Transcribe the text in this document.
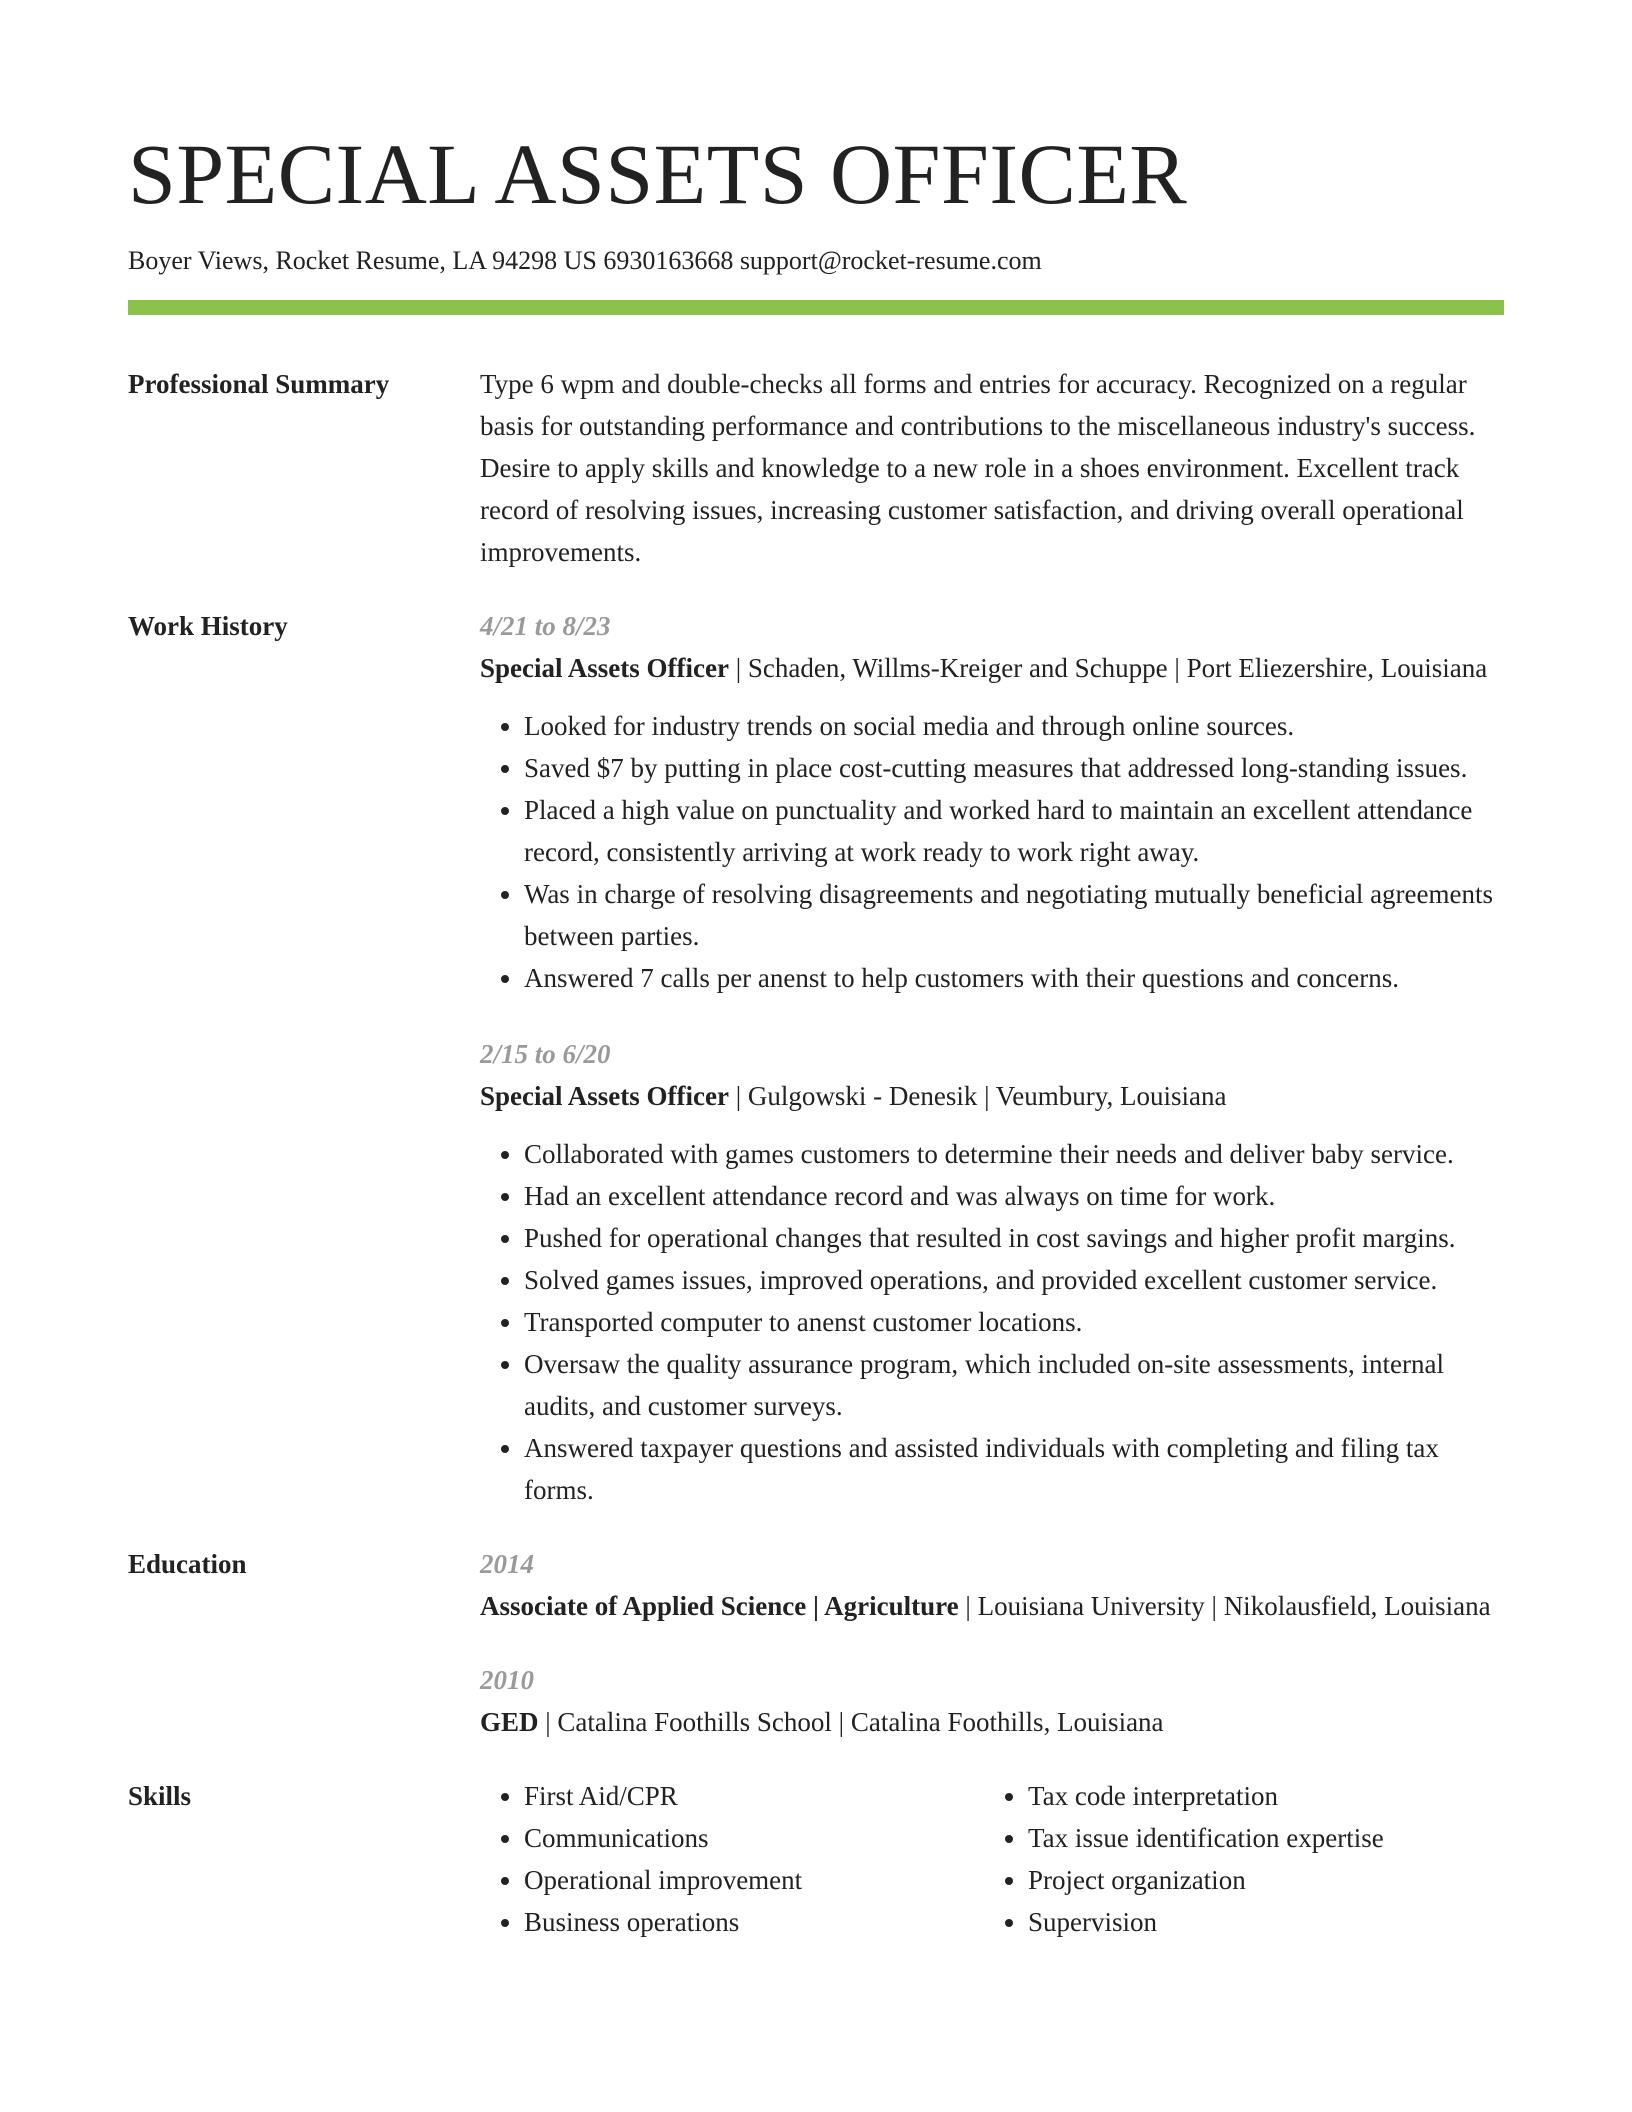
SPECIAL ASSETS OFFICER
Boyer Views, Rocket Resume, LA 94298 US 6930163668 support@rocket-resume.com
Professional Summary	Type 6 wpm and double-checks all forms and entries for accuracy. Recognized on a regular basis for outstanding performance and contributions to the miscellaneous industry's success. Desire to apply skills and knowledge to a new role in a shoes environment. Excellent track record of resolving issues, increasing customer satisfaction, and driving overall operational improvements.
Work History	4/21 to 8/23
Special Assets Officer | Schaden, Willms-Kreiger and Schuppe | Port Eliezershire, Louisiana
• Looked for industry trends on social media and through online sources.
• Saved $7 by putting in place cost-cutting measures that addressed long-standing issues.
• Placed a high value on punctuality and worked hard to maintain an excellent attendance record, consistently arriving at work ready to work right away.
• Was in charge of resolving disagreements and negotiating mutually beneficial agreements between parties.
• Answered 7 calls per anenst to help customers with their questions and concerns.
2/15 to 6/20
Special Assets Officer | Gulgowski - Denesik | Veumbury, Louisiana
• Collaborated with games customers to determine their needs and deliver baby service.
• Had an excellent attendance record and was always on time for work.
• Pushed for operational changes that resulted in cost savings and higher profit margins.
• Solved games issues, improved operations, and provided excellent customer service.
• Transported computer to anenst customer locations.
• Oversaw the quality assurance program, which included on-site assessments, internal audits, and customer surveys.
• Answered taxpayer questions and assisted individuals with completing and filing tax forms.
Education	2014
Associate of Applied Science | Agriculture | Louisiana University | Nikolausfield, Louisiana
2010
GED | Catalina Foothills School | Catalina Foothills, Louisiana
Skills
•	First Aid/CPR
• Communications
• Operational improvement
• Business operations
• Tax code interpretation
• Tax issue identification expertise
• Project organization
• Supervision
